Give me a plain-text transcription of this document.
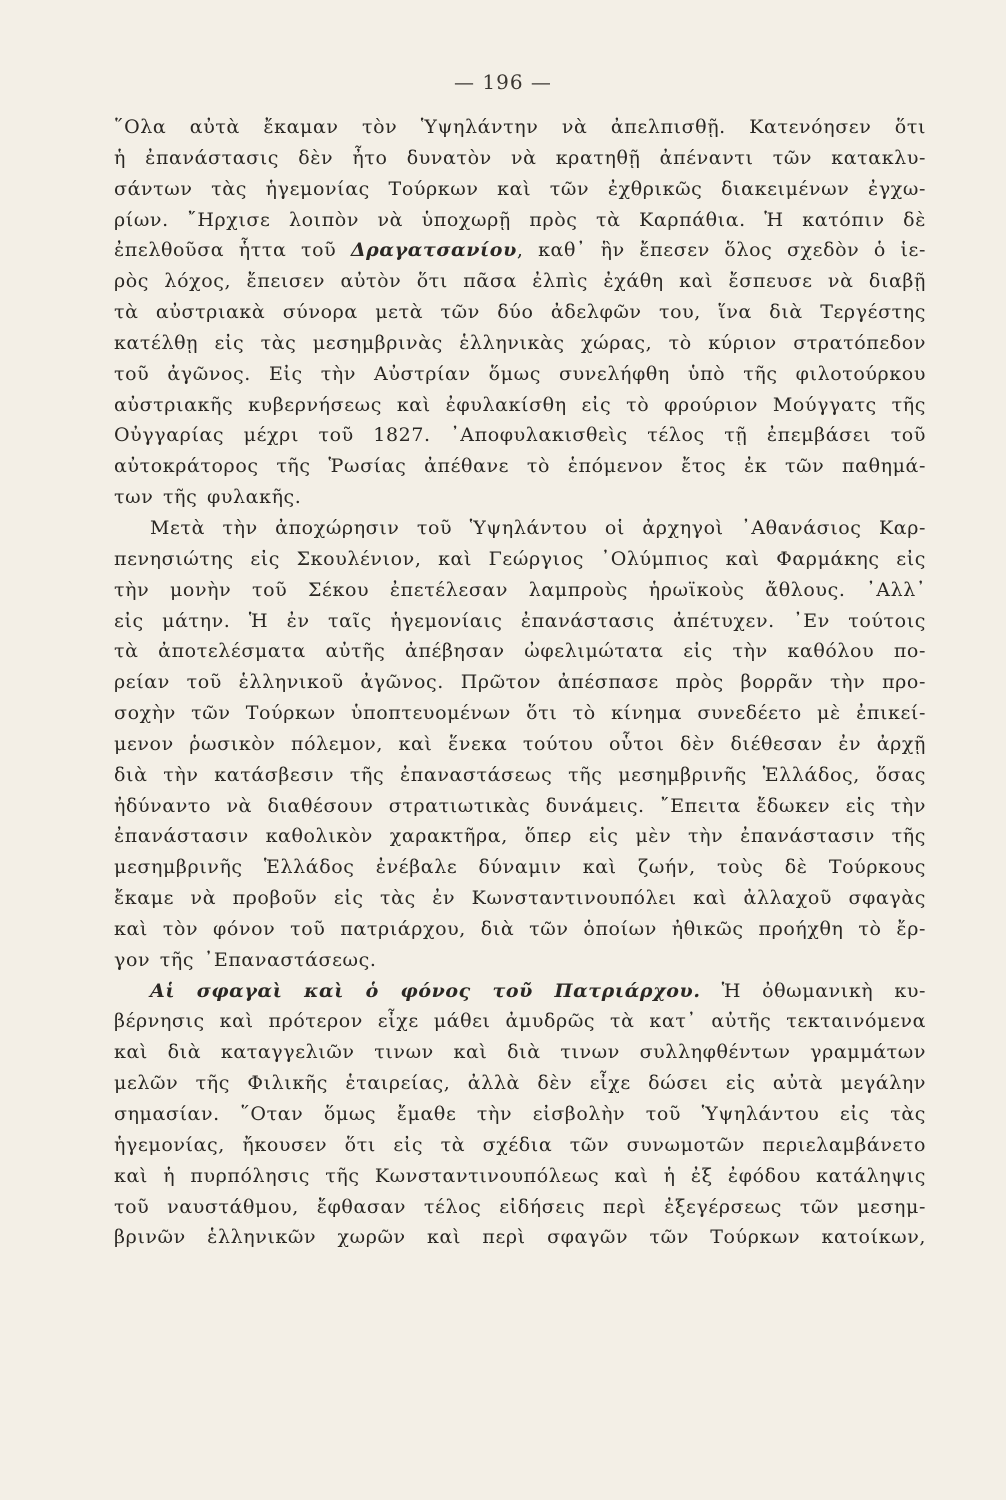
— 196 —
῞Ολα αὐτὰ ἔκαμαν τὸν Ὑψηλάντην νὰ ἀπελπισθῇ. Κατενόησεν ὅτι
ἡ ἐπανάστασις δὲν ἦτο δυνατὸν νὰ κρατηθῇ ἀπέναντι τῶν κατακλυ-
σάντων τὰς ἡγεμονίας Τούρκων καὶ τῶν ἐχθρικῶς διακειμένων ἐγχω-
ρίων. ῎Ηρχισε λοιπὸν νὰ ὑποχωρῇ πρὸς τὰ Καρπάθια. Ἡ κατόπιν δὲ
ἐπελθοῦσα ἧττα τοῦ Δραγατσανίου, καθ᾽ ἣν ἔπεσεν ὅλος σχεδὸν ὁ ἱε-
ρὸς λόχος, ἔπεισεν αὐτὸν ὅτι πᾶσα ἐλπὶς ἐχάθη καὶ ἔσπευσε νὰ διαβῇ
τὰ αὐστριακὰ σύνορα μετὰ τῶν δύο ἀδελφῶν του, ἵνα διὰ Τεργέστης
κατέλθῃ εἰς τὰς μεσημβρινὰς ἑλληνικὰς χώρας, τὸ κύριον στρατόπεδον
τοῦ ἀγῶνος. Εἰς τὴν Αὐστρίαν ὅμως συνελήφθη ὑπὸ τῆς φιλοτούρκου
αὐστριακῆς κυβερνήσεως καὶ ἐφυλακίσθη εἰς τὸ φρούριον Μούγγατς τῆς
Οὐγγαρίας μέχρι τοῦ 1827. ᾽Αποφυλακισθεὶς τέλος τῇ ἐπεμβάσει τοῦ
αὐτοκράτορος τῆς Ῥωσίας ἀπέθανε τὸ ἑπόμενον ἔτος ἐκ τῶν παθημά-
των τῆς φυλακῆς.
Μετὰ τὴν ἀποχώρησιν τοῦ Ὑψηλάντου οἱ ἀρχηγοὶ ᾽Αθανάσιος Καρ-
πενησιώτης εἰς Σκουλένιον, καὶ Γεώργιος ᾽Ολύμπιος καὶ Φαρμάκης εἰς
τὴν μονὴν τοῦ Σέκου ἐπετέλεσαν λαμπροὺς ἡρωϊκοὺς ἄθλους. ᾽Αλλ᾽
εἰς μάτην. Ἡ ἐν ταῖς ἡγεμονίαις ἐπανάστασις ἀπέτυχεν. ᾽Εν τούτοις
τὰ ἀποτελέσματα αὐτῆς ἀπέβησαν ὠφελιμώτατα εἰς τὴν καθόλου πο-
ρείαν τοῦ ἑλληνικοῦ ἀγῶνος. Πρῶτον ἀπέσπασε πρὸς βορρᾶν τὴν προ-
σοχὴν τῶν Τούρκων ὑποπτευομένων ὅτι τὸ κίνημα συνεδέετο μὲ ἐπικεί-
μενον ῥωσικὸν πόλεμον, καὶ ἕνεκα τούτου οὗτοι δὲν διέθεσαν ἐν ἀρχῇ
διὰ τὴν κατάσβεσιν τῆς ἐπαναστάσεως τῆς μεσημβρινῆς Ἑλλάδος, ὅσας
ἠδύναντο νὰ διαθέσουν στρατιωτικὰς δυνάμεις. ῎Επειτα ἔδωκεν εἰς τὴν
ἐπανάστασιν καθολικὸν χαρακτῆρα, ὅπερ εἰς μὲν τὴν ἐπανάστασιν τῆς
μεσημβρινῆς Ἑλλάδος ἐνέβαλε δύναμιν καὶ ζωήν, τοὺς δὲ Τούρκους
ἔκαμε νὰ προβοῦν εἰς τὰς ἐν Κωνσταντινουπόλει καὶ ἀλλαχοῦ σφαγὰς
καὶ τὸν φόνον τοῦ πατριάρχου, διὰ τῶν ὁποίων ἠθικῶς προήχθη τὸ ἔρ-
γον τῆς ᾽Επαναστάσεως.
Αἱ σφαγαὶ καὶ ὁ φόνος τοῦ Πατριάρχου. Ἡ ὀθωμανικὴ κυ-
βέρνησις καὶ πρότερον εἶχε μάθει ἀμυδρῶς τὰ κατ᾽ αὐτῆς τεκταινόμενα
καὶ διὰ καταγγελιῶν τινων καὶ διὰ τινων συλληφθέντων γραμμάτων
μελῶν τῆς Φιλικῆς ἑταιρείας, ἀλλὰ δὲν εἶχε δώσει εἰς αὐτὰ μεγάλην
σημασίαν. ῞Οταν ὅμως ἔμαθε τὴν εἰσβολὴν τοῦ Ὑψηλάντου εἰς τὰς
ἡγεμονίας, ἤκουσεν ὅτι εἰς τὰ σχέδια τῶν συνωμοτῶν περιελαμβάνετο
καὶ ἡ πυρπόλησις τῆς Κωνσταντινουπόλεως καὶ ἡ ἐξ ἐφόδου κατάληψις
τοῦ ναυστάθμου, ἔφθασαν τέλος εἰδήσεις περὶ ἐξεγέρσεως τῶν μεσημ-
βρινῶν ἑλληνικῶν χωρῶν καὶ περὶ σφαγῶν τῶν Τούρκων κατοίκων,
